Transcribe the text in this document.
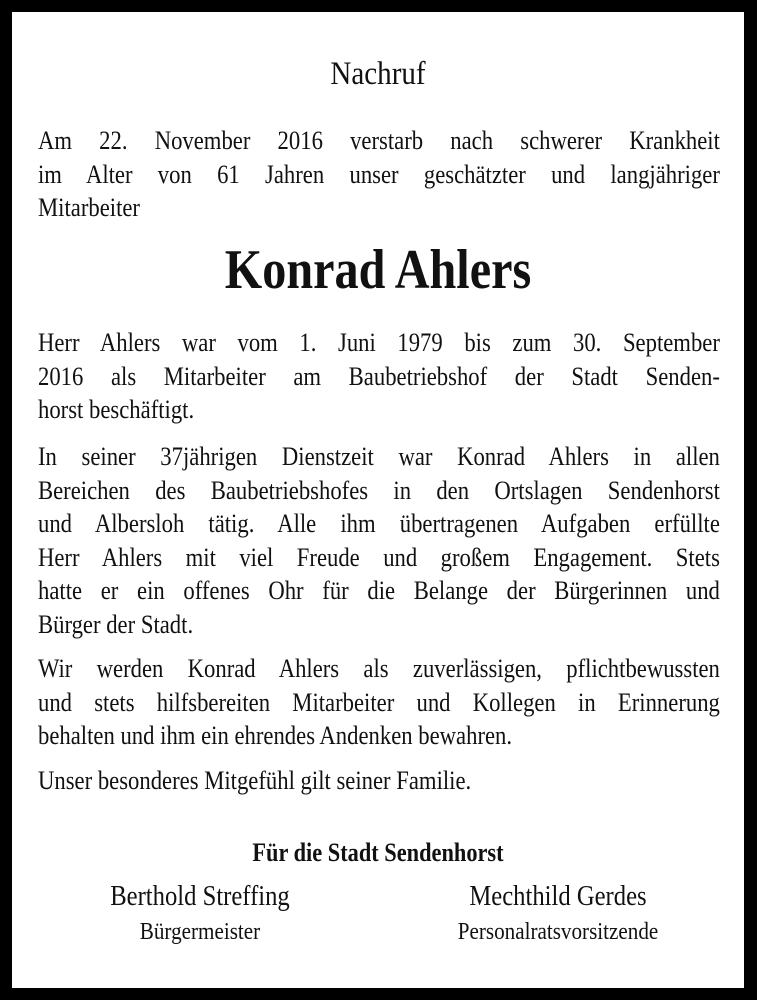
Nachruf
Am 22. November 2016 verstarb nach schwerer Krankheit
im Alter von 61 Jahren unser geschätzter und langjähriger
Mitarbeiter
Konrad Ahlers
Herr Ahlers war vom 1. Juni 1979 bis zum 30. September
2016 als Mitarbeiter am Baubetriebshof der Stadt Senden-
horst beschäftigt.
In seiner 37jährigen Dienstzeit war Konrad Ahlers in allen
Bereichen des Baubetriebshofes in den Ortslagen Sendenhorst
und Albersloh tätig. Alle ihm übertragenen Aufgaben erfüllte
Herr Ahlers mit viel Freude und großem Engagement. Stets
hatte er ein offenes Ohr für die Belange der Bürgerinnen und
Bürger der Stadt.
Wir werden Konrad Ahlers als zuverlässigen, pflichtbewussten
und stets hilfsbereiten Mitarbeiter und Kollegen in Erinnerung
behalten und ihm ein ehrendes Andenken bewahren.
Unser besonderes Mitgefühl gilt seiner Familie.
Für die Stadt Sendenhorst
Berthold Streffing
Bürgermeister
Mechthild Gerdes
Personalratsvorsitzende
